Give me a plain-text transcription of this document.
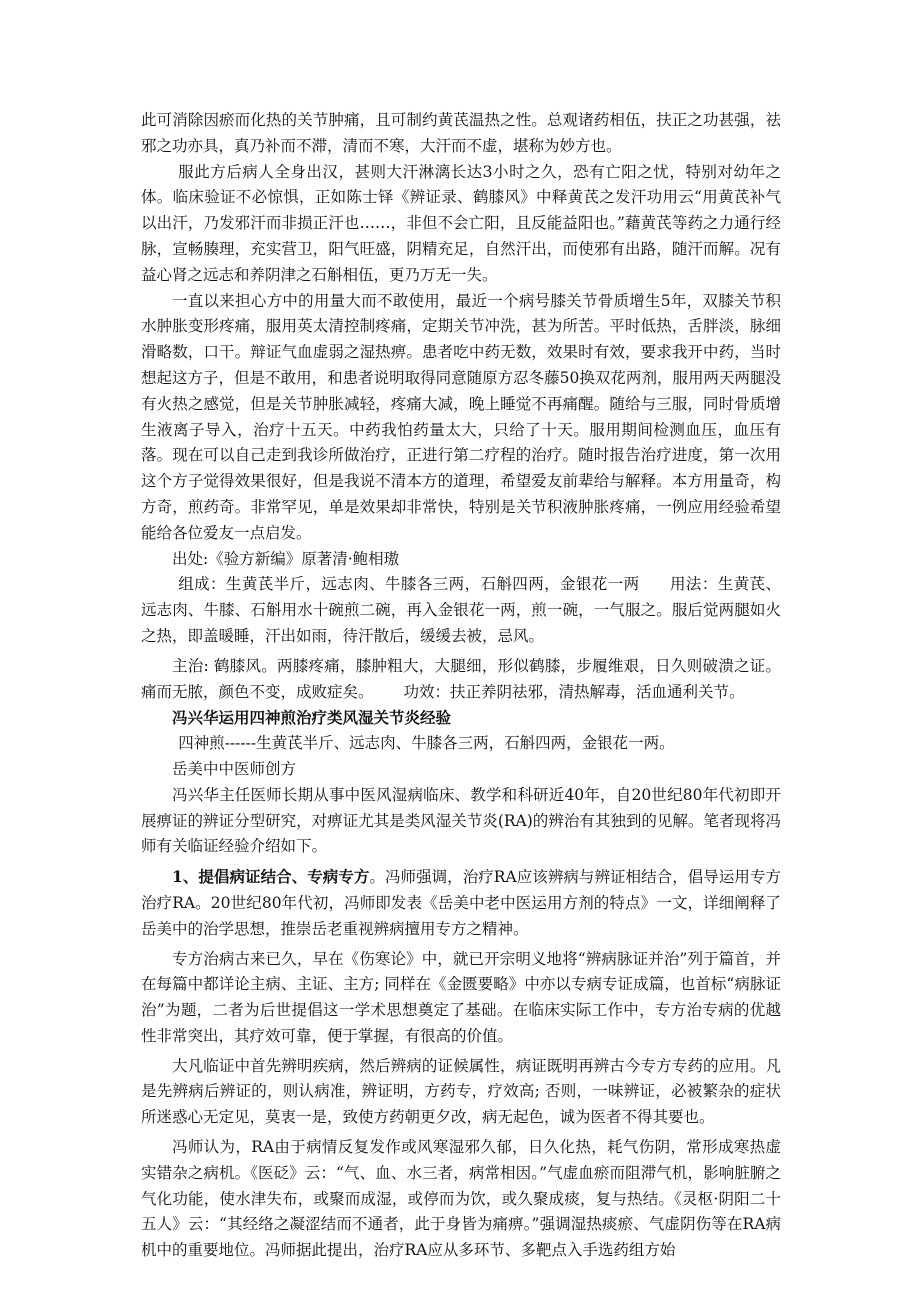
此可消除因瘀而化热的关节肿痛，且可制约黄芪温热之性。总观诸药相伍，扶正之功甚强，祛邪之功亦具，真乃补而不滞，清而不寒，大汗而不虚，堪称为妙方也。

服此方后病人全身出汉，甚则大汗淋漓长达3小时之久，恐有亡阳之忧，特别对幼年之体。临床验证不必惊惧，正如陈士铎《辨证录、鹤膝风》中释黄芪之发汗功用云“用黄芪补气以出汗，乃发邪汗而非损正汗也……，非但不会亡阳，且反能益阳也。”藉黄芪等药之力通行经脉，宣畅腠理，充实营卫，阳气旺盛，阴精充足，自然汗出，而使邪有出路，随汗而解。况有益心肾之远志和养阴津之石斛相伍，更乃万无一失。

一直以来担心方中的用量大而不敢使用，最近一个病号膝关节骨质增生5年，双膝关节积水肿胀变形疼痛，服用英太清控制疼痛，定期关节冲洗，甚为所苦。平时低热，舌胖淡，脉细滑略数，口干。辩证气血虚弱之湿热痹。患者吃中药无数，效果时有效，要求我开中药，当时想起这方子，但是不敢用，和患者说明取得同意随原方忍冬藤50换双花两剂，服用两天两腿没有火热之感觉，但是关节肿胀减轻，疼痛大减，晚上睡觉不再痛醒。随给与三服，同时骨质增生液离子导入，治疗十五天。中药我怕药量太大，只给了十天。服用期间检测血压，血压有落。现在可以自己走到我诊所做治疗，正进行第二疗程的治疗。随时报告治疗进度，第一次用这个方子觉得效果很好，但是我说不清本方的道理，希望爱友前辈给与解释。本方用量奇，构方奇，煎药奇。非常罕见，单是效果却非常快，特别是关节积液肿胀疼痛，一例应用经验希望能给各位爱友一点启发。

出处:《验方新编》原著清·鲍相璈

组成：生黄芪半斤，远志肉、牛膝各三两，石斛四两，金银花一两 用法：生黄芪、远志肉、牛膝、石斛用水十碗煎二碗，再入金银花一两，煎一碗，一气服之。服后觉两腿如火之热，即盖暖睡，汗出如雨，待汗散后，缓缓去被，忌风。

主治: 鹤膝风。两膝疼痛，膝肿粗大，大腿细，形似鹤膝，步履维艰，日久则破溃之证。痛而无脓，颜色不变，成败症矣。 功效：扶正养阴祛邪，清热解毒，活血通利关节。

冯兴华运用四神煎治疗类风湿关节炎经验

四神煎------生黄芪半斤、远志肉、牛膝各三两，石斛四两，金银花一两。

岳美中中医师创方

冯兴华主任医师长期从事中医风湿病临床、教学和科研近40年，自20世纪80年代初即开展痹证的辨证分型研究，对痹证尤其是类风湿关节炎(RA)的辨治有其独到的见解。笔者现将冯师有关临证经验介绍如下。

1、提倡病证结合、专病专方。冯师强调，治疗RA应该辨病与辨证相结合，倡导运用专方治疗RA。20世纪80年代初，冯师即发表《岳美中老中医运用方剂的特点》一文，详细阐释了岳美中的治学思想，推崇岳老重视辨病擅用专方之精神。

专方治病古来已久，早在《伤寒论》中，就已开宗明义地将“辨病脉证并治”列于篇首，并在每篇中都详论主病、主证、主方; 同样在《金匮要略》中亦以专病专证成篇，也首标“病脉证治”为题，二者为后世提倡这一学术思想奠定了基础。在临床实际工作中，专方治专病的优越性非常突出，其疗效可靠，便于掌握，有很高的价值。

大凡临证中首先辨明疾病，然后辨病的证候属性，病证既明再辨古今专方专药的应用。凡是先辨病后辨证的，则认病准，辨证明，方药专，疗效高; 否则，一味辨证，必被繁杂的症状所迷惑心无定见，莫衷一是，致使方药朝更夕改，病无起色，诚为医者不得其要也。

冯师认为，RA由于病情反复发作或风寒湿邪久郁，日久化热，耗气伤阴，常形成寒热虚实错杂之病机。《医砭》云：“气、血、水三者，病常相因。”气虚血瘀而阻滞气机，影响脏腑之气化功能，使水津失布，或聚而成湿，或停而为饮，或久聚成痰，复与热结。《灵枢·阴阳二十五人》云：“其经络之凝涩结而不通者，此于身皆为痛痹。”强调湿热痰瘀、气虚阴伤等在RA病机中的重要地位。冯师据此提出，治疗RA应从多环节、多靶点入手选药组方始
